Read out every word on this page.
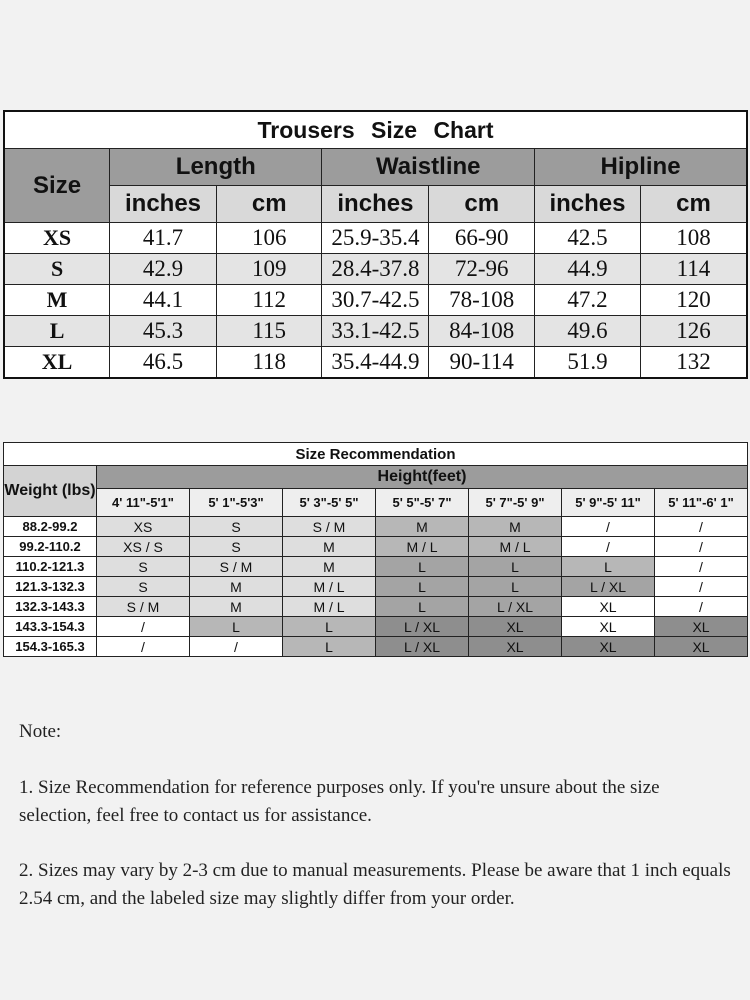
Trousers Size Chart						
Size	Length		Waistline		Hipline	
	inches	cm	inches	cm	inches	cm
XS	41.7	106	25.9-35.4	66-90	42.5	108
S	42.9	109	28.4-37.8	72-96	44.9	114
M	44.1	112	30.7-42.5	78-108	47.2	120
L	45.3	115	33.1-42.5	84-108	49.6	126
XL	46.5	118	35.4-44.9	90-114	51.9	132
Size Recommendation							
Weight (lbs)	Height(feet)						
	4' 11"-5'1"	5' 1"-5'3"	5' 3"-5' 5"	5' 5"-5' 7"	5' 7"-5' 9"	5' 9"-5' 11"	5' 11"-6' 1"
88.2-99.2	XS	S	S / M	M	M	/	/
99.2-110.2	XS / S	S	M	M / L	M / L	/	/
110.2-121.3	S	S / M	M	L	L	L	/
121.3-132.3	S	M	M / L	L	L	L / XL	/
132.3-143.3	S / M	M	M / L	L	L / XL	XL	/
143.3-154.3	/	L	L	L / XL	XL	XL	XL
154.3-165.3	/	/	L	L / XL	XL	XL	XL

Note:

1. Size Recommendation for reference purposes only. If you're unsure about the size selection, feel free to contact us for assistance.

2. Sizes may vary by 2-3 cm due to manual measurements. Please be aware that 1 inch equals 2.54 cm, and the labeled size may slightly differ from your order.
